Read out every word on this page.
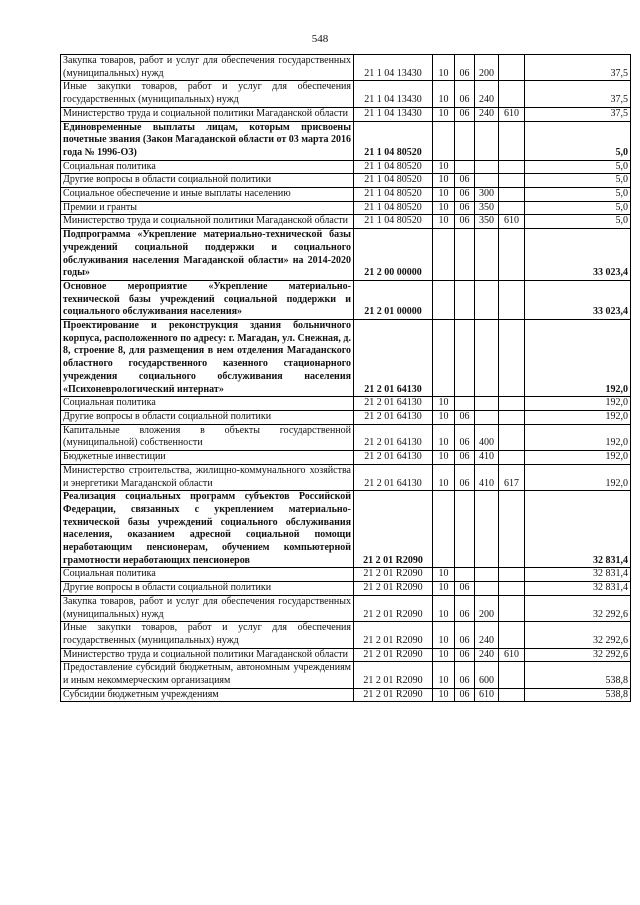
548
Закупка товаров, работ и услуг для обеспечения государственных (муниципальных) нужд	21 1 04 13430	10	06	200		37,5
Иные закупки товаров, работ и услуг для обеспечения государственных (муниципальных) нужд	21 1 04 13430	10	06	240		37,5
Министерство труда и социальной политики Магаданской области	21 1 04 13430	10	06	240	610	37,5
Единовременные выплаты лицам, которым присвоены почетные звания (Закон Магаданской области от 03 марта 2016 года № 1996-ОЗ)	21 1 04 80520					5,0
Социальная политика	21 1 04 80520	10				5,0
Другие вопросы в области социальной политики	21 1 04 80520	10	06			5,0
Социальное обеспечение и иные выплаты населению	21 1 04 80520	10	06	300		5,0
Премии и гранты	21 1 04 80520	10	06	350		5,0
Министерство труда и социальной политики Магаданской области	21 1 04 80520	10	06	350	610	5,0
Подпрограмма «Укрепление материально-технической базы учреждений социальной поддержки и социального обслуживания населения Магаданской области» на 2014-2020 годы»	21 2 00 00000					33 023,4
Основное мероприятие «Укрепление материально-технической базы учреждений социальной поддержки и социального обслуживания населения»	21 2 01 00000					33 023,4
Проектирование и реконструкция здания больничного корпуса, расположенного по адресу: г. Магадан, ул. Снежная, д. 8, строение 8, для размещения в нем отделения Магаданского областного государственного казенного стационарного учреждения социального обслуживания населения «Психоневрологический интернат»	21 2 01 64130					192,0
Социальная политика	21 2 01 64130	10				192,0
Другие вопросы в области социальной политики	21 2 01 64130	10	06			192,0
Капитальные вложения в объекты государственной (муниципальной) собственности	21 2 01 64130	10	06	400		192,0
Бюджетные инвестиции	21 2 01 64130	10	06	410		192,0
Министерство строительства, жилищно-коммунального хозяйства и энергетики Магаданской области	21 2 01 64130	10	06	410	617	192,0
Реализация социальных программ субъектов Российской Федерации, связанных с укреплением материально-технической базы учреждений социального обслуживания населения, оказанием адресной социальной помощи неработающим пенсионерам, обучением компьютерной грамотности неработающих пенсионеров	21 2 01 R2090					32 831,4
Социальная политика	21 2 01 R2090	10				32 831,4
Другие вопросы в области социальной политики	21 2 01 R2090	10	06			32 831,4
Закупка товаров, работ и услуг для обеспечения государственных (муниципальных) нужд	21 2 01 R2090	10	06	200		32 292,6
Иные закупки товаров, работ и услуг для обеспечения государственных (муниципальных) нужд	21 2 01 R2090	10	06	240		32 292,6
Министерство труда и социальной политики Магаданской области	21 2 01 R2090	10	06	240	610	32 292,6
Предоставление субсидий бюджетным, автономным учреждениям и иным некоммерческим организациям	21 2 01 R2090	10	06	600		538,8
Субсидии бюджетным учреждениям	21 2 01 R2090	10	06	610		538,8
